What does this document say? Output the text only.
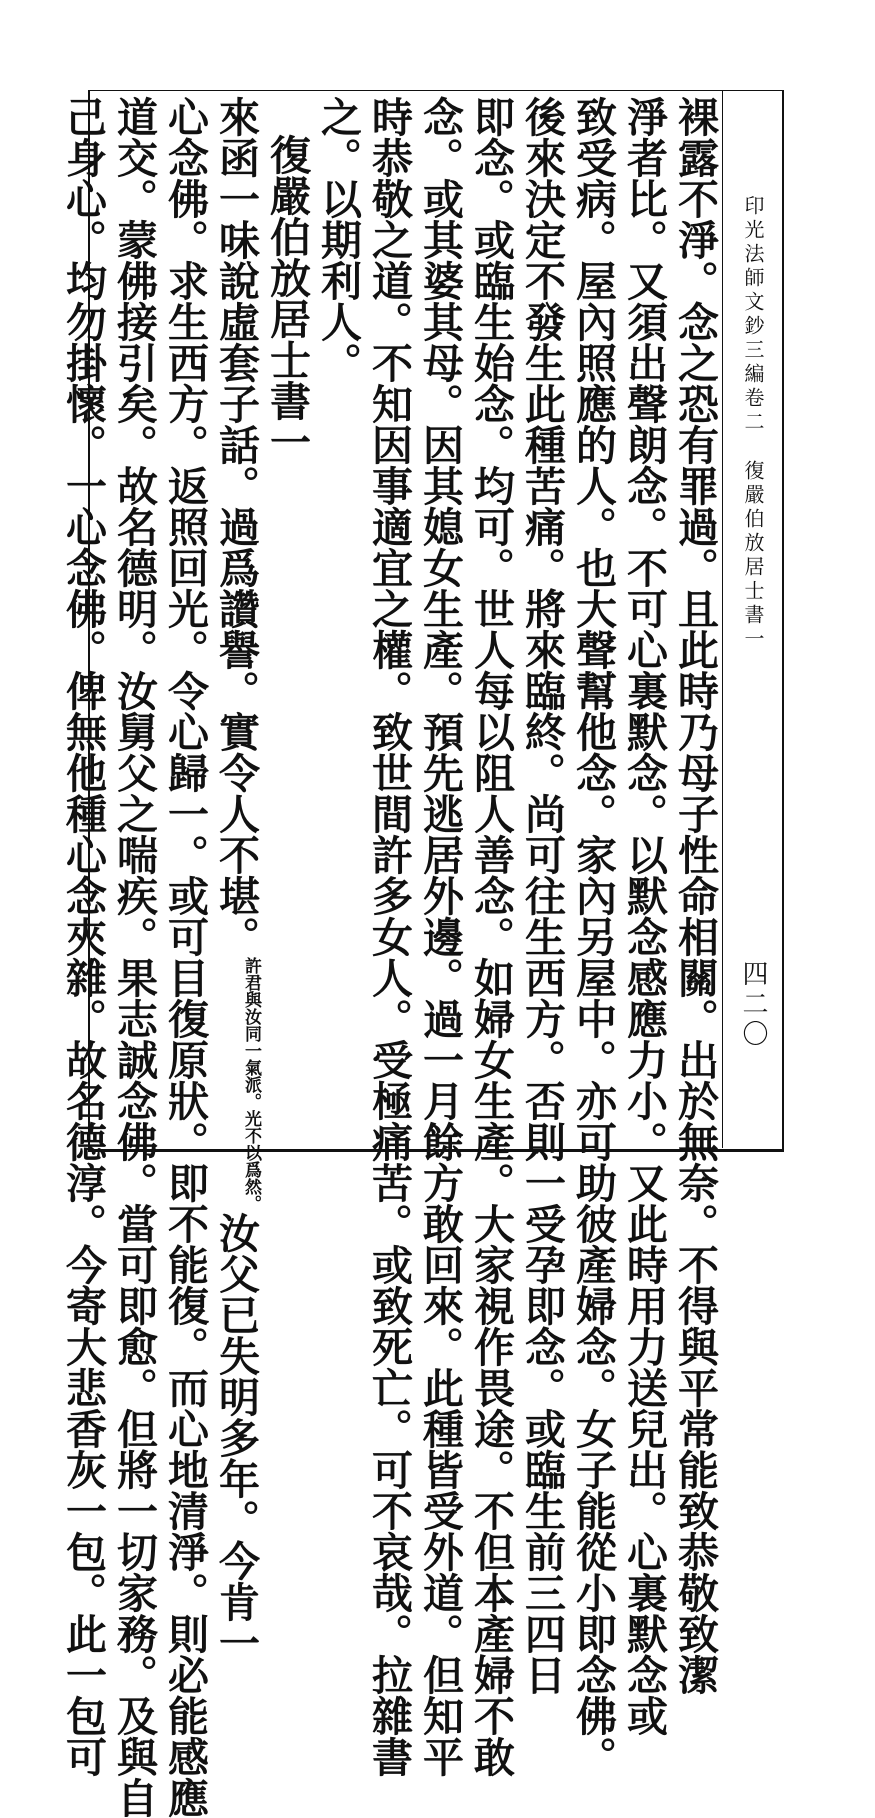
印光法師文鈔三編卷二
復嚴伯放居士書一
四二〇
裸露不淨。念之恐有罪過。且此時乃母子性命相關。出於無奈。不得與平常能致恭敬致潔
淨者比。又須出聲朗念。不可心裏默念。以默念感應力小。又此時用力送兒出。心裏默念或
致受病。屋內照應的人。也大聲幫他念。家內另屋中。亦可助彼產婦念。女子能從小即念佛。
後來決定不發生此種苦痛。將來臨終。尚可往生西方。否則一受孕即念。或臨生前三四日
即念。或臨生始念。均可。世人每以阻人善念。如婦女生產。大家視作畏途。不但本產婦不敢
念。或其婆其母。因其媳女生產。預先逃居外邊。過一月餘方敢回來。此種皆受外道。但知平
時恭敬之道。不知因事適宜之權。致世間許多女人。受極痛苦。或致死亡。可不哀哉。拉雜書
之。以期利人。
復嚴伯放居士書一
來函一味說虛套子話。過爲讚譽。實令人不堪。許君與汝同一氣派。光不以爲然。汝父已失明多年。今肯一
心念佛。求生西方。返照回光。令心歸一。或可目復原狀。即不能復。而心地清淨。則必能感應
道交。蒙佛接引矣。故名德明。汝舅父之喘疾。果志誠念佛。當可即愈。但將一切家務。及與自
己身心。均勿掛懷。一心念佛。俾無他種心念夾雜。故名德淳。今寄大悲香灰一包。此一包可
